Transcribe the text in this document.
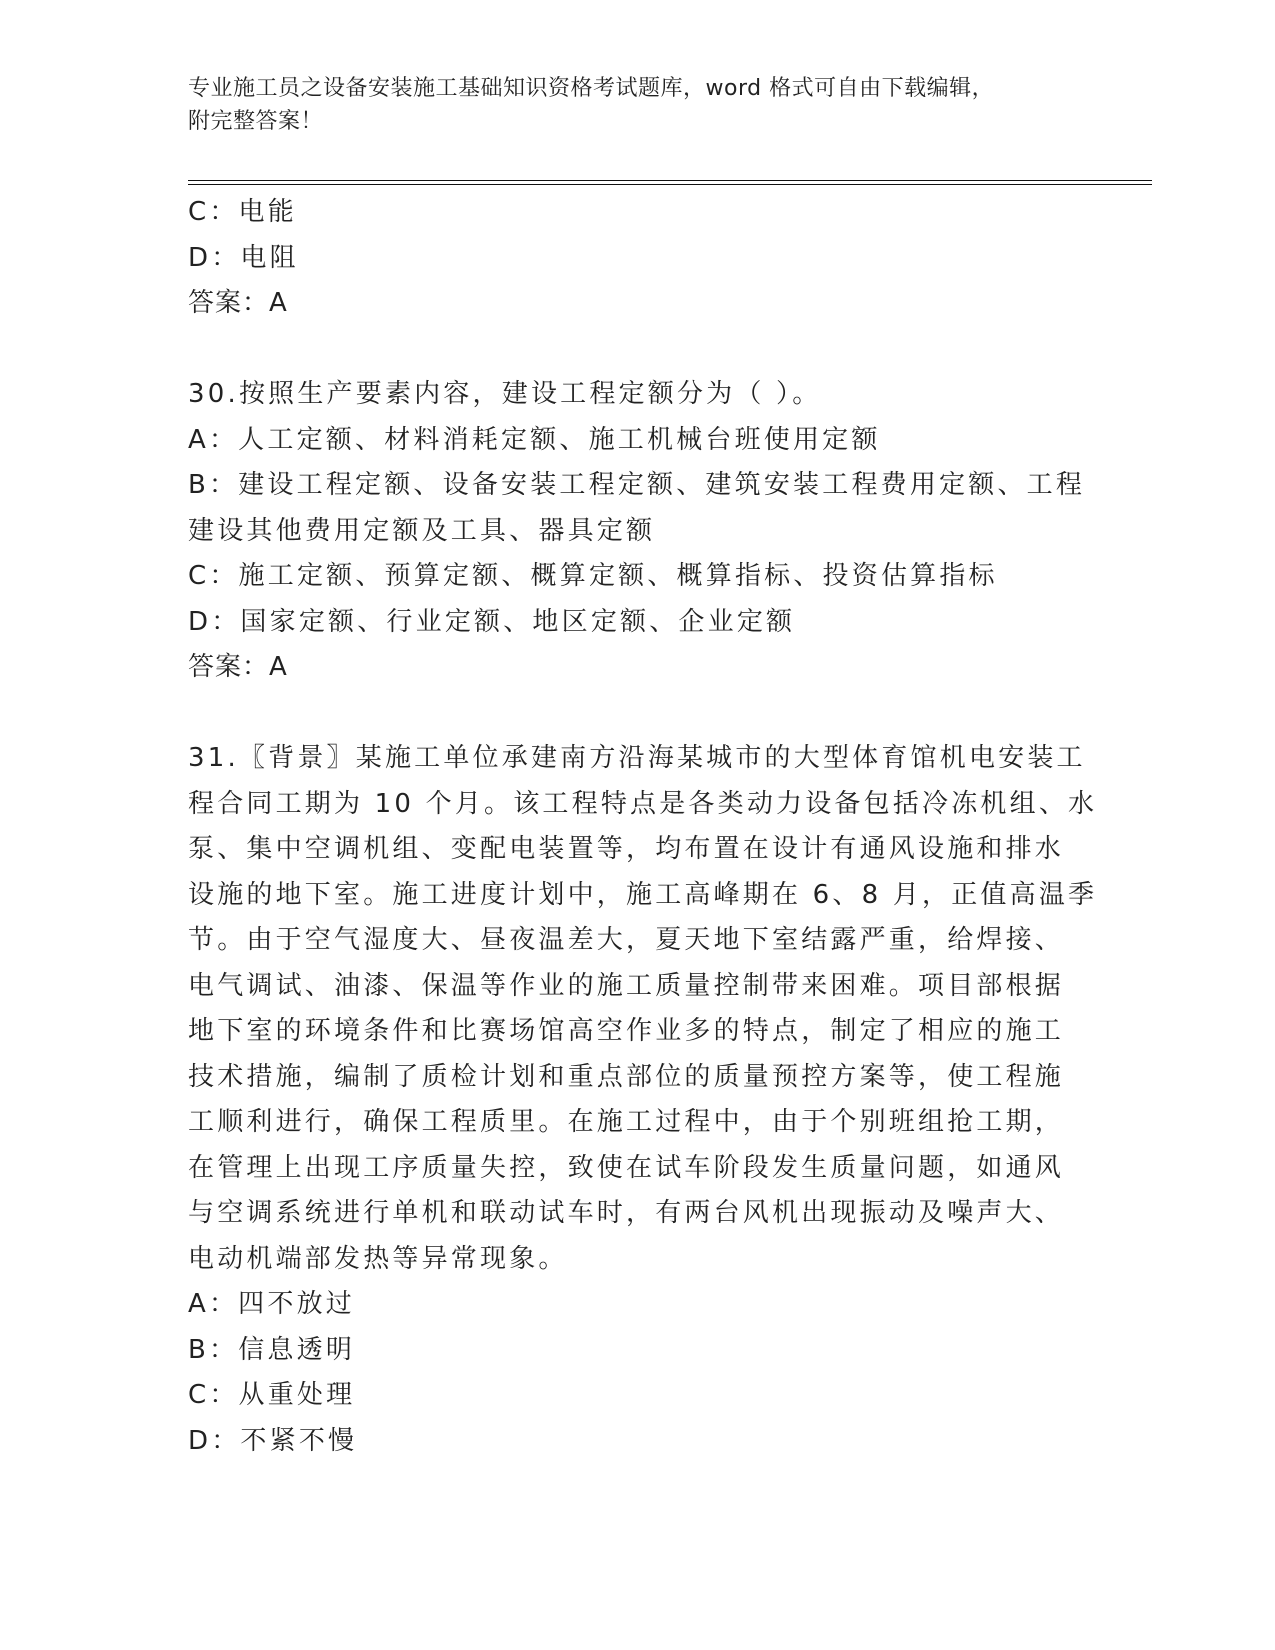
专业施工员之设备安装施工基础知识资格考试题库，word 格式可自由下载编辑，
附完整答案！
C：电能
D：电阻
答案：A
30.按照生产要素内容，建设工程定额分为（ ）。
A：人工定额、材料消耗定额、施工机械台班使用定额
B：建设工程定额、设备安装工程定额、建筑安装工程费用定额、工程
建设其他费用定额及工具、器具定额
C：施工定额、预算定额、概算定额、概算指标、投资估算指标
D：国家定额、行业定额、地区定额、企业定额
答案：A
31.〖背景〗某施工单位承建南方沿海某城市的大型体育馆机电安装工
程合同工期为 10 个月。该工程特点是各类动力设备包括冷冻机组、水
泵、集中空调机组、变配电装置等，均布置在设计有通风设施和排水
设施的地下室。施工进度计划中，施工高峰期在 6、8 月，正值高温季
节。由于空气湿度大、昼夜温差大，夏天地下室结露严重，给焊接、
电气调试、油漆、保温等作业的施工质量控制带来困难。项目部根据
地下室的环境条件和比赛场馆高空作业多的特点，制定了相应的施工
技术措施，编制了质检计划和重点部位的质量预控方案等，使工程施
工顺利进行，确保工程质里。在施工过程中，由于个别班组抢工期，
在管理上出现工序质量失控，致使在试车阶段发生质量问题，如通风
与空调系统进行单机和联动试车时，有两台风机出现振动及噪声大、
电动机端部发热等异常现象。
A：四不放过
B：信息透明
C：从重处理
D：不紧不慢
